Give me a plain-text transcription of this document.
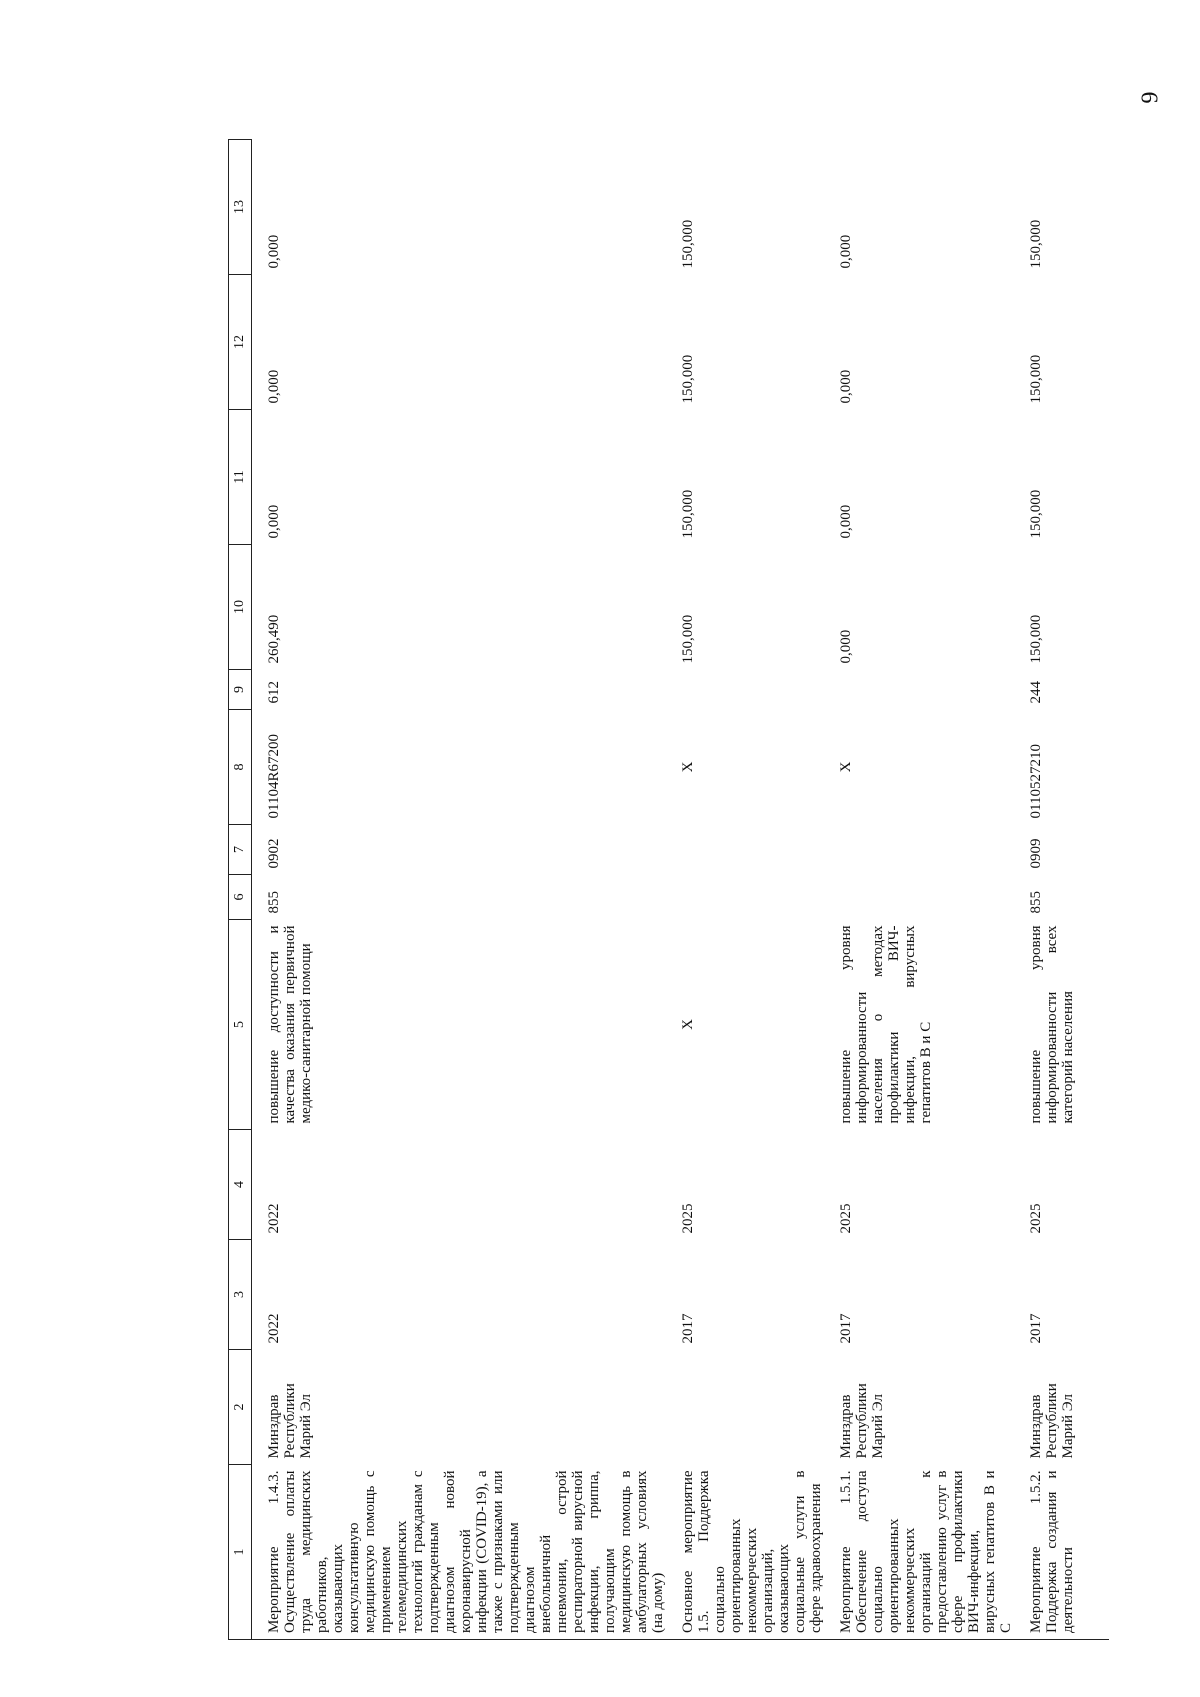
6
1	2	3	4	5	6	7	8	9	10	11	12	13
Мероприятие 1.4.3. Осуществление оплаты труда медицинских работников, оказывающих консультативную медицинскую помощь с применением телемедицинских технологий гражданам с подтвержденным диагнозом новой коронавирусной инфекции (COVID-19), а также с признаками или подтвержденным диагнозом внебольничной пневмонии, острой респираторной вирусной инфекции, гриппа, получающим медицинскую помощь в амбулаторных условиях (на дому)	Минздрав Республики Марий Эл	2022	2022	повышение доступности и качества оказания первичной медико-санитарной помощи	855	0902	01104R67200	612	260,490	0,000	0,000	0,000
Основное мероприятие 1.5. Поддержка социально ориентированных некоммерческих организаций, оказывающих социальные услуги в сфере здравоохранения		2017	2025	Х			Х		150,000	150,000	150,000	150,000
Мероприятие 1.5.1. Обеспечение доступа социально ориентированных некоммерческих организаций к предоставлению услуг в сфере профилактики ВИЧ-инфекции, вирусных гепатитов В и С	Минздрав Республики Марий Эл	2017	2025	повышение уровня информированности населения о методах профилактики ВИЧ-инфекции, вирусных гепатитов В и С			Х		0,000	0,000	0,000	0,000
Мероприятие 1.5.2. Поддержка создания и деятельности	Минздрав Республики Марий Эл	2017	2025	повышение уровня информированности всех категорий населения	855	0909	0110527210	244	150,000	150,000	150,000	150,000
